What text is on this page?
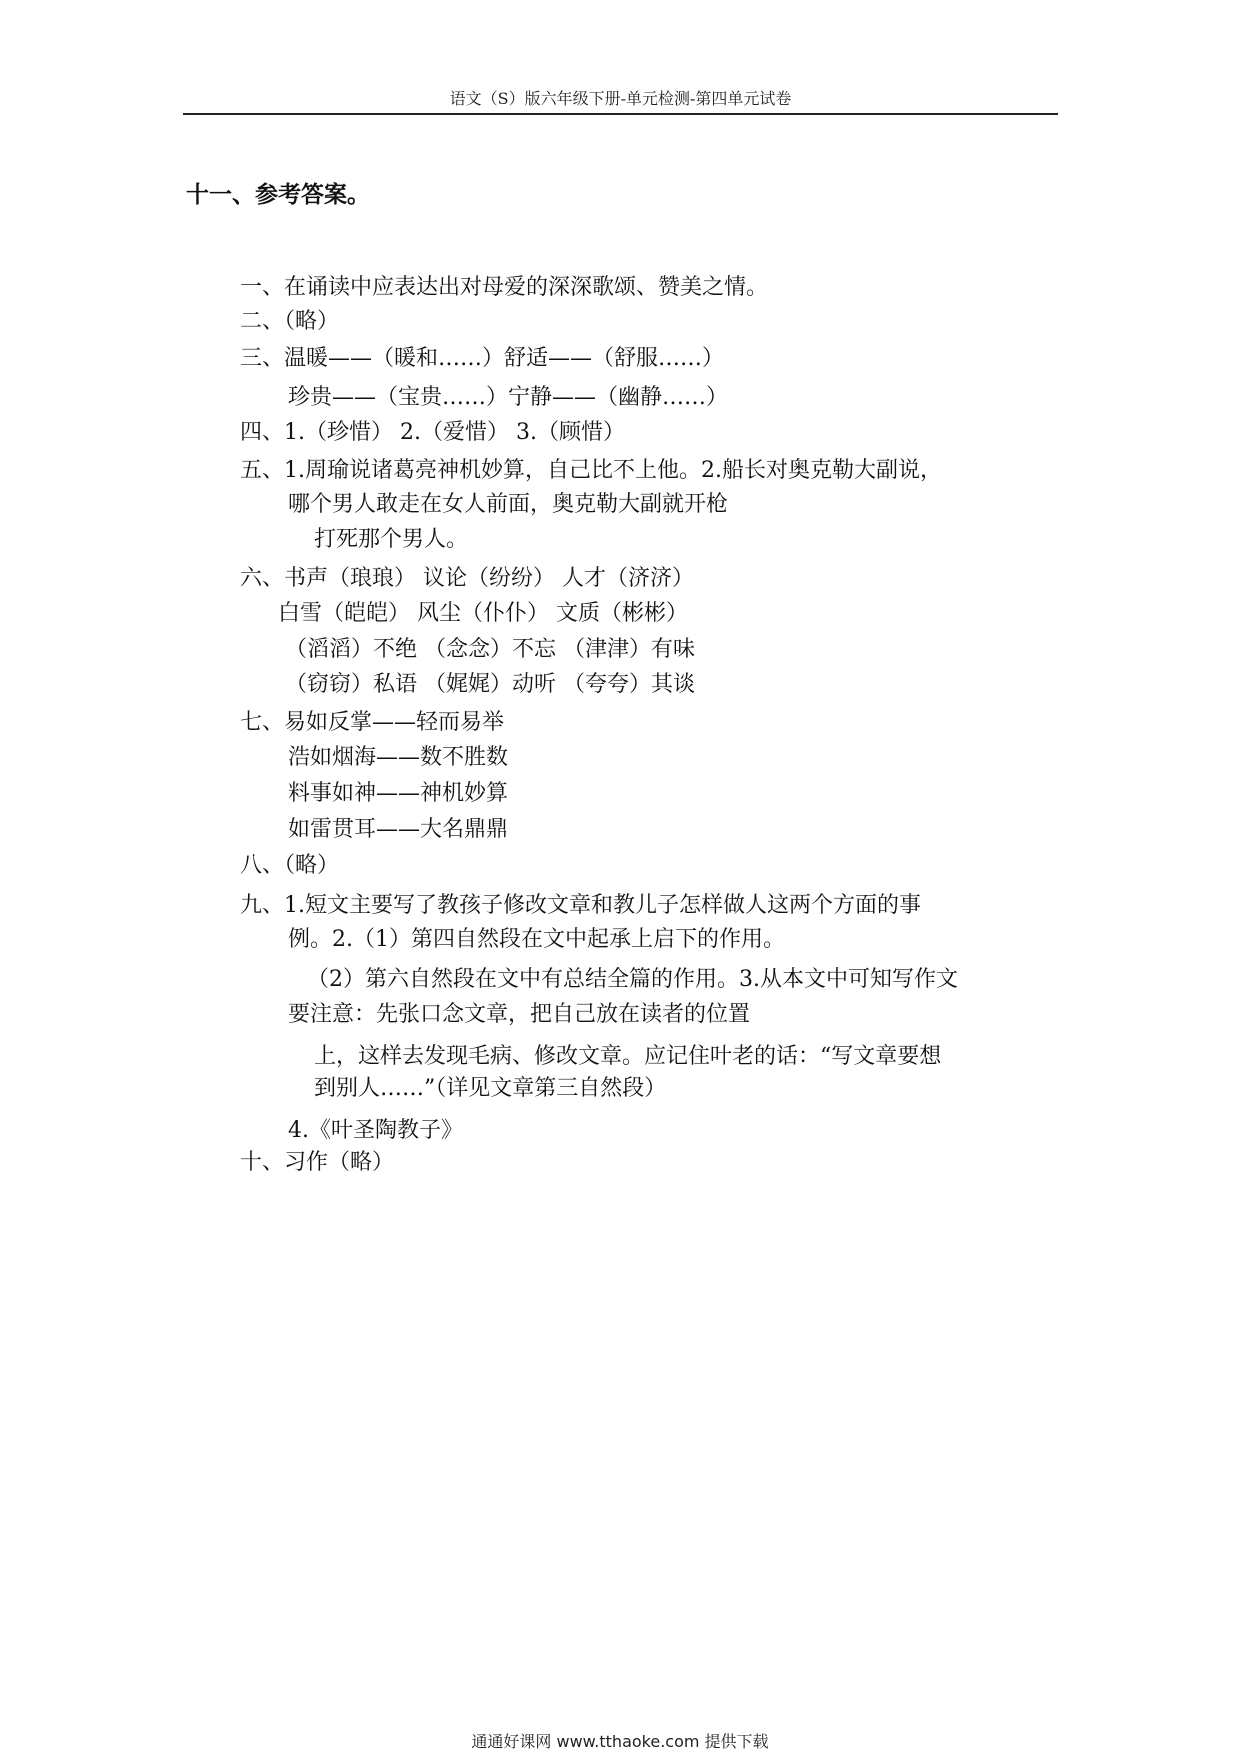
语文（S）版六年级下册-单元检测-第四单元试卷
十一、参考答案。
一、在诵读中应表达出对母爱的深深歌颂、赞美之情。
二、（略）
三、温暖——（暖和……）舒适——（舒服……）
珍贵——（宝贵……）宁静——（幽静……）
四、1.（珍惜） 2.（爱惜） 3.（顾惜）
五、1.周瑜说诸葛亮神机妙算，自己比不上他。2.船长对奥克勒大副说，
哪个男人敢走在女人前面，奥克勒大副就开枪
打死那个男人。
六、书声（琅琅） 议论（纷纷） 人才（济济）
白雪（皑皑） 风尘（仆仆） 文质（彬彬）
（滔滔）不绝 （念念）不忘 （津津）有味
（窃窃）私语 （娓娓）动听 （夸夸）其谈
七、易如反掌——轻而易举
浩如烟海——数不胜数
料事如神——神机妙算
如雷贯耳——大名鼎鼎
八、（略）
九、1.短文主要写了教孩子修改文章和教儿子怎样做人这两个方面的事
例。2.（1）第四自然段在文中起承上启下的作用。
（2）第六自然段在文中有总结全篇的作用。3.从本文中可知写作文
要注意：先张口念文章，把自己放在读者的位置
上，这样去发现毛病、修改文章。应记住叶老的话：“写文章要想
到别人……”（详见文章第三自然段）
4.《叶圣陶教子》
十、习作（略）
通通好课网 www.tthaoke.com 提供下载
